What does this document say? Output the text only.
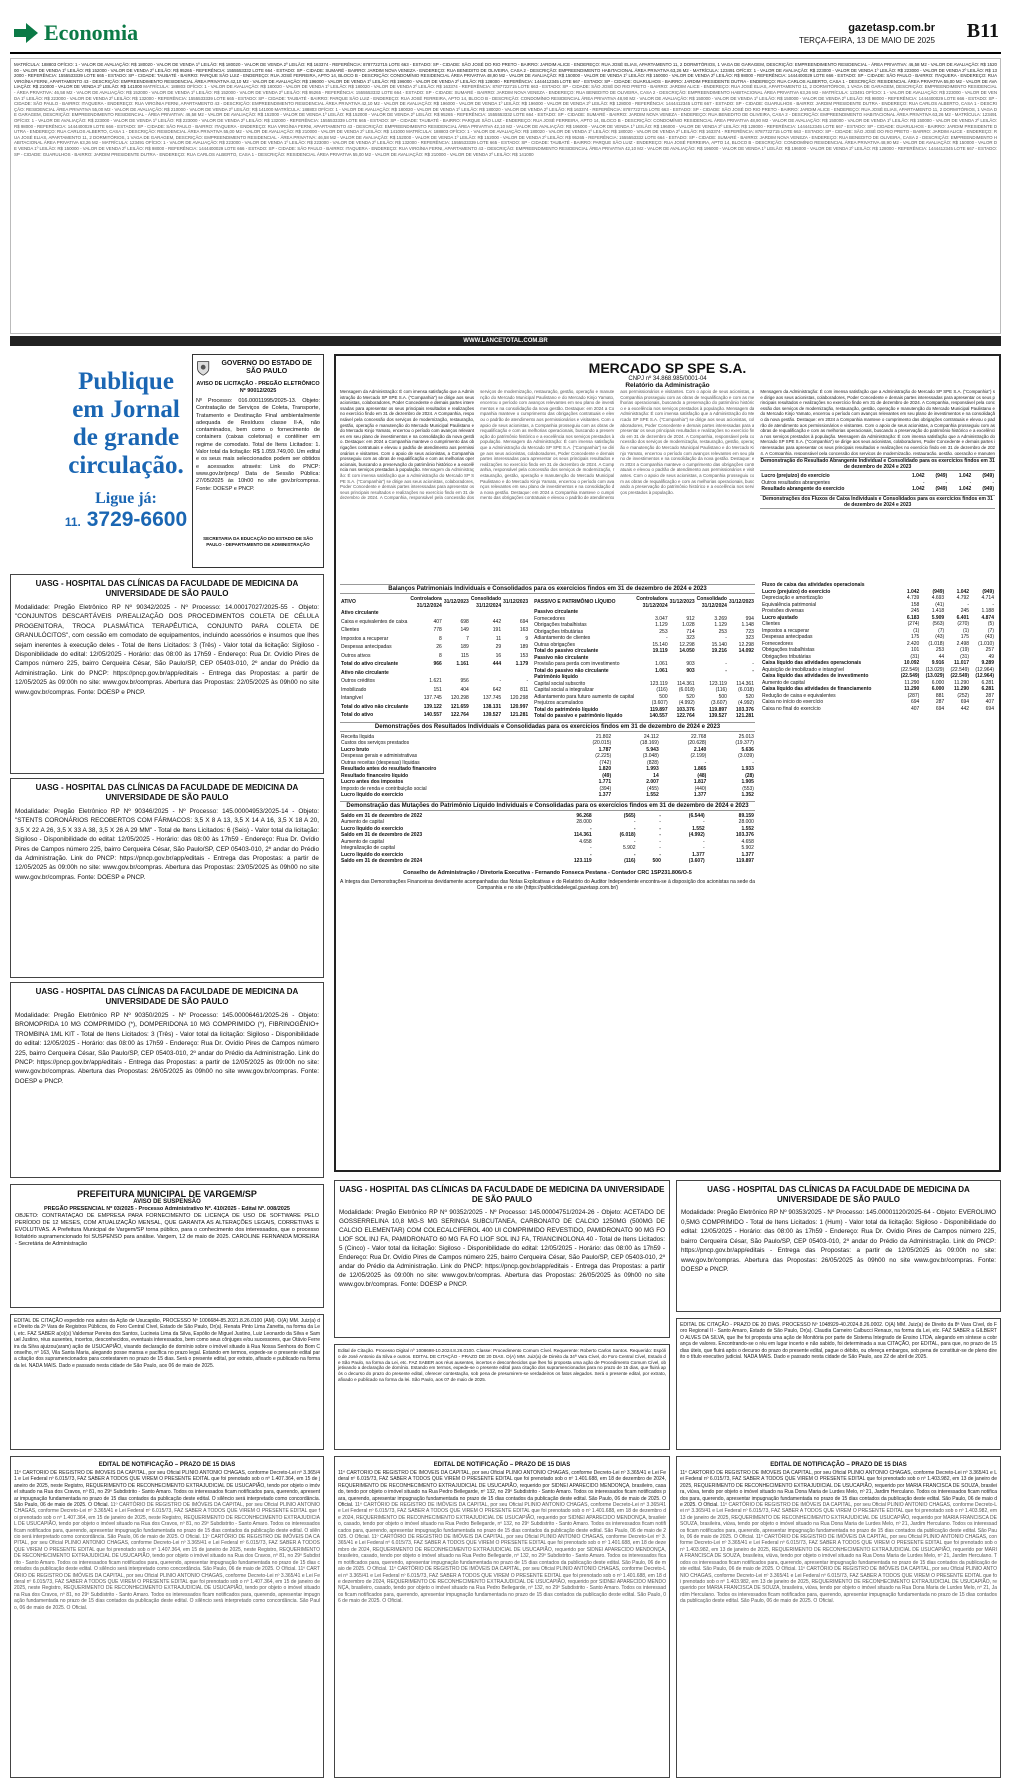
Economia	gazetasp.com.br
TERÇA-FEIRA, 13 DE MAIO DE 2025 B11
MATRÍCULA: 188803 OFÍCIO: 1 - VALOR DE AVALIAÇÃO: R$ 180020 - VALOR DE VENDA 1º LEILÃO: R$ 180020 - VALOR DE VENDA 2º LEILÃO: R$ 163374 - REFERÊNCIA: 8787722715 LOTE 663 - ESTADO: SP - CIDADE: SÃO JOSÉ DO RIO PRETO - BAIRRO: JARDIM ALICE - ENDEREÇO: RUA JOSÉ ELIAS, APARTAMENTO 11, 2 DORMITÓRIOS, 1 VAGA DE GARAGEM, DESCRIÇÃO: EMPREENDIMENTO RESIDENCIAL - ÁREA PRIVATIVA: 46,58 M2 - VALOR DE AVALIAÇÃO: R$ 152000 - VALOR DE VENDA 1º LEILÃO: R$ 152000 - VALOR DE VENDA 2º LEILÃO: R$ 95265 - REFERÊNCIA: 1555553332 LOTE 664 - ESTADO: SP - CIDADE: SUMARÉ - BAIRRO: JARDIM NOVA VENEZA - ENDEREÇO: RUA BENEDITO DE OLIVEIRA, CASA 2 - DESCRIÇÃO: EMPREENDIMENTO HABITACIONAL ÁREA PRIVATIVA 63,26 M2 - MATRÍCULA: 123491 OFÍCIO: 1 - VALOR DE AVALIAÇÃO: R$ 223000 - VALOR DE VENDA 1º LEILÃO: R$ 223000 - VALOR DE VENDA 2º LEILÃO: R$ 132000 - REFERÊNCIA: 1555533339 LOTE 665 - ESTADO: SP - CIDADE: TAUBATÉ - BAIRRO: PARQUE SÃO LUIZ - ENDEREÇO: RUA JOSÉ FERREIRA, APTO 14, BLOCO B - DESCRIÇÃO: CONDOMÍNIO RESIDENCIAL ÁREA PRIVATIVA 48,90 M2 - VALOR DE AVALIAÇÃO: R$ 150000 - VALOR DE VENDA 1º LEILÃO: R$ 150000 - VALOR DE VENDA 2º LEILÃO: R$ 98000 - REFERÊNCIA: 1444400029 LOTE 666 - ESTADO: SP - CIDADE: SÃO PAULO - BAIRRO: ITAQUERA - ENDEREÇO: RUA VIRGÍNIA FERNI, APARTAMENTO 43 - DESCRIÇÃO: EMPREENDIMENTO RESIDENCIAL ÁREA PRIVATIVA 42,10 M2 - VALOR DE AVALIAÇÃO: R$ 196000 - VALOR DE VENDA 1º LEILÃO: R$ 196000 - VALOR DE VENDA 2º LEILÃO: R$ 128000 - REFERÊNCIA: 1444412345 LOTE 667 - ESTADO: SP - CIDADE: GUARULHOS - BAIRRO: JARDIM PRESIDENTE DUTRA - ENDEREÇO: RUA CARLOS ALBERTO, CASA 1 - DESCRIÇÃO: RESIDENCIAL ÁREA PRIVATIVA 55,00 M2 - VALOR DE AVALIAÇÃO: R$ 210000 - VALOR DE VENDA 2º LEILÃO: R$ 141000 MATRÍCULA: 188803 OFÍCIO: 1 - VALOR DE AVALIAÇÃO: R$ 180020 - VALOR DE VENDA 1º LEILÃO: R$ 180020 - VALOR DE VENDA 2º LEILÃO: R$ 163374 - REFERÊNCIA: 8787722715 LOTE 663 - ESTADO: SP - CIDADE: SÃO JOSÉ DO RIO PRETO - BAIRRO: JARDIM ALICE - ENDEREÇO: RUA JOSÉ ELIAS, APARTAMENTO 11, 2 DORMITÓRIOS, 1 VAGA DE GARAGEM, DESCRIÇÃO: EMPREENDIMENTO RESIDENCIAL - ÁREA PRIVATIVA: 46,58 M2 - VALOR DE AVALIAÇÃO: R$ 152000 - VALOR DE VENDA 1º LEILÃO: R$ 152000 - VALOR DE VENDA 2º LEILÃO: R$ 95265 - REFERÊNCIA: 1555553332 LOTE 664 - ESTADO: SP - CIDADE: SUMARÉ - BAIRRO: JARDIM NOVA VENEZA - ENDEREÇO: RUA BENEDITO DE OLIVEIRA, CASA 2 - DESCRIÇÃO: EMPREENDIMENTO HABITACIONAL ÁREA PRIVATIVA 63,26 M2 - MATRÍCULA: 123491 OFÍCIO: 1 - VALOR DE AVALIAÇÃO: R$ 223000 - VALOR DE VENDA 1º LEILÃO: R$ 223000 - VALOR DE VENDA 2º LEILÃO: R$ 132000 - REFERÊNCIA: 1555533339 LOTE 665 - ESTADO: SP - CIDADE: TAUBATÉ - BAIRRO: PARQUE SÃO LUIZ - ENDEREÇO: RUA JOSÉ FERREIRA, APTO 14, BLOCO B - DESCRIÇÃO: CONDOMÍNIO RESIDENCIAL ÁREA PRIVATIVA 48,90 M2 - VALOR DE AVALIAÇÃO: R$ 150000 - VALOR DE VENDA 1º LEILÃO: R$ 150000 - VALOR DE VENDA 2º LEILÃO: R$ 98000 - REFERÊNCIA: 1444400029 LOTE 666 - ESTADO: SP - CIDADE: SÃO PAULO - BAIRRO: ITAQUERA - ENDEREÇO: RUA VIRGÍNIA FERNI, APARTAMENTO 43 - DESCRIÇÃO: EMPREENDIMENTO RESIDENCIAL ÁREA PRIVATIVA 42,10 M2 - VALOR DE AVALIAÇÃO: R$ 196000 - VALOR DE VENDA 1º LEILÃO: R$ 196000 - VALOR DE VENDA 2º LEILÃO: R$ 128000 - REFERÊNCIA: 1444412345 LOTE 667 - ESTADO: SP - CIDADE: GUARULHOS - BAIRRO: JARDIM PRESIDENTE DUTRA - ENDEREÇO: RUA CARLOS ALBERTO, CASA 1 - DESCRIÇÃO: RESIDENCIAL ÁREA PRIVATIVA 55,00 M2 - VALOR DE AVALIAÇÃO: R$ 210000 - VALOR DE VENDA 2º LEILÃO: R$ 141000 MATRÍCULA: 188803 OFÍCIO: 1 - VALOR DE AVALIAÇÃO: R$ 180020 - VALOR DE VENDA 1º LEILÃO: R$ 180020 - VALOR DE VENDA 2º LEILÃO: R$ 163374 - REFERÊNCIA: 8787722715 LOTE 663 - ESTADO: SP - CIDADE: SÃO JOSÉ DO RIO PRETO - BAIRRO: JARDIM ALICE - ENDEREÇO: RUA JOSÉ ELIAS, APARTAMENTO 11, 2 DORMITÓRIOS, 1 VAGA DE GARAGEM, DESCRIÇÃO: EMPREENDIMENTO RESIDENCIAL - ÁREA PRIVATIVA: 46,58 M2 - VALOR DE AVALIAÇÃO: R$ 152000 - VALOR DE VENDA 1º LEILÃO: R$ 152000 - VALOR DE VENDA 2º LEILÃO: R$ 95265 - REFERÊNCIA: 1555553332 LOTE 664 - ESTADO: SP - CIDADE: SUMARÉ - BAIRRO: JARDIM NOVA VENEZA - ENDEREÇO: RUA BENEDITO DE OLIVEIRA, CASA 2 - DESCRIÇÃO: EMPREENDIMENTO HABITACIONAL ÁREA PRIVATIVA 63,26 M2 - MATRÍCULA: 123491 OFÍCIO: 1 - VALOR DE AVALIAÇÃO: R$ 223000 - VALOR DE VENDA 1º LEILÃO: R$ 223000 - VALOR DE VENDA 2º LEILÃO: R$ 132000 - REFERÊNCIA: 1555533339 LOTE 665 - ESTADO: SP - CIDADE: TAUBATÉ - BAIRRO: PARQUE SÃO LUIZ - ENDEREÇO: RUA JOSÉ FERREIRA, APTO 14, BLOCO B - DESCRIÇÃO: CONDOMÍNIO RESIDENCIAL ÁREA PRIVATIVA 48,90 M2 - VALOR DE AVALIAÇÃO: R$ 150000 - VALOR DE VENDA 1º LEILÃO: R$ 150000 - VALOR DE VENDA 2º LEILÃO: R$ 98000 - REFERÊNCIA: 1444400029 LOTE 666 - ESTADO: SP - CIDADE: SÃO PAULO - BAIRRO: ITAQUERA - ENDEREÇO: RUA VIRGÍNIA FERNI, APARTAMENTO 43 - DESCRIÇÃO: EMPREENDIMENTO RESIDENCIAL ÁREA PRIVATIVA 42,10 M2 - VALOR DE AVALIAÇÃO: R$ 196000 - VALOR DE VENDA 1º LEILÃO: R$ 196000 - VALOR DE VENDA 2º LEILÃO: R$ 128000 - REFERÊNCIA: 1444412345 LOTE 667 - ESTADO: SP - CIDADE: GUARULHOS - BAIRRO: JARDIM PRESIDENTE DUTRA - ENDEREÇO: RUA CARLOS ALBERTO, CASA 1 - DESCRIÇÃO: RESIDENCIAL ÁREA PRIVATIVA 55,00 M2 - VALOR DE AVALIAÇÃO: R$ 210000 - VALOR DE VENDA 2º LEILÃO: R$ 141000 MATRÍCULA: 188803 OFÍCIO: 1 - VALOR DE AVALIAÇÃO: R$ 180020 - VALOR DE VENDA 1º LEILÃO: R$ 180020 - VALOR DE VENDA 2º LEILÃO: R$ 163374 - REFERÊNCIA: 8787722715 LOTE 663 - ESTADO: SP - CIDADE: SÃO JOSÉ DO RIO PRETO - BAIRRO: JARDIM ALICE - ENDEREÇO: RUA JOSÉ ELIAS, APARTAMENTO 11, 2 DORMITÓRIOS, 1 VAGA DE GARAGEM, DESCRIÇÃO: EMPREENDIMENTO RESIDENCIAL - ÁREA PRIVATIVA: 46,58 M2 - VALOR DE AVALIAÇÃO: R$ 152000 - VALOR DE VENDA 1º LEILÃO: R$ 152000 - VALOR DE VENDA 2º LEILÃO: R$ 95265 - REFERÊNCIA: 1555553332 LOTE 664 - ESTADO: SP - CIDADE: SUMARÉ - BAIRRO: JARDIM NOVA VENEZA - ENDEREÇO: RUA BENEDITO DE OLIVEIRA, CASA 2 - DESCRIÇÃO: EMPREENDIMENTO HABITACIONAL ÁREA PRIVATIVA 63,26 M2 - MATRÍCULA: 123491 OFÍCIO: 1 - VALOR DE AVALIAÇÃO: R$ 223000 - VALOR DE VENDA 1º LEILÃO: R$ 223000 - VALOR DE VENDA 2º LEILÃO: R$ 132000 - REFERÊNCIA: 1555533339 LOTE 665 - ESTADO: SP - CIDADE: TAUBATÉ - BAIRRO: PARQUE SÃO LUIZ - ENDEREÇO: RUA JOSÉ FERREIRA, APTO 14, BLOCO B - DESCRIÇÃO: CONDOMÍNIO RESIDENCIAL ÁREA PRIVATIVA 48,90 M2 - VALOR DE AVALIAÇÃO: R$ 150000 - VALOR DE VENDA 1º LEILÃO: R$ 150000 - VALOR DE VENDA 2º LEILÃO: R$ 98000 - REFERÊNCIA: 1444400029 LOTE 666 - ESTADO: SP - CIDADE: SÃO PAULO - BAIRRO: ITAQUERA - ENDEREÇO: RUA VIRGÍNIA FERNI, APARTAMENTO 43 - DESCRIÇÃO: EMPREENDIMENTO RESIDENCIAL ÁREA PRIVATIVA 42,10 M2 - VALOR DE AVALIAÇÃO: R$ 196000 - VALOR DE VENDA 1º LEILÃO: R$ 196000 - VALOR DE VENDA 2º LEILÃO: R$ 128000 - REFERÊNCIA: 1444412345 LOTE 667 - ESTADO: SP - CIDADE: GUARULHOS - BAIRRO: JARDIM PRESIDENTE DUTRA - ENDEREÇO: RUA CARLOS ALBERTO, CASA 1 - DESCRIÇÃO: RESIDENCIAL ÁREA PRIVATIVA 55,00 M2 - VALOR DE AVALIAÇÃO: R$ 210000 - VALOR DE VENDA 2º LEILÃO: R$ 141000
WWW.LANCETOTAL.COM.BR
Publique
em Jornal
de grande
circulação.
Ligue já:
11. 3729-6600
GOVERNO DO ESTADO DE SÃO PAULO
AVISO DE LICITAÇÃO - PREGÃO ELETRÔNICO Nº 90012/2025
Nº Processo: 016.00011995/2025-13. Objeto: Contratação de Serviços de Coleta, Transporte, Tratamento e Destinação Final ambientalmente adequada de Resíduos classe II-A, não contaminados, bem como o fornecimento de containers (caixas coletoras) e contêiner em regime de comodato. Total de Itens Licitados: 1. Valor total da licitação: R$ 1.059.749,00. Um edital e os seus mais seleccionados podem ser obtidos e acessados através: Link do PNCP: www.gov.br/pncp/ Data de Sessão Pública: 27/05/2025 às 10h00 no site gov.br/compras. Fonte: DOESP e PNCP.
SECRETARIA DA EDUCAÇÃO DO ESTADO DE SÃO PAULO - DEPARTAMENTO DE ADMINISTRAÇÃO
UASG - HOSPITAL DAS CLÍNICAS DA FACULDADE DE MEDICINA DA UNIVERSIDADE DE SÃO PAULO
Modalidade: Pregão Eletrônico RP Nº 90342/2025 - Nº Processo: 14.00017027/2025-55 - Objeto: "CONJUNTOS DESCARTÁVEIS P/REALIZAÇÃO DOS PROCEDIMENTOS COLETA DE CÉLULA PROGENITORA, TROCA PLASMÁTICA TERAPÊUTICA, CONJUNTO PARA COLETA DE GRANULÓCITOS", com cessão em comodato de equipamentos, incluindo acessórios e insumos que lhes sejam inerentes à execução deles - Total de Itens Licitados: 3 (Três) - Valor total da licitação: Sigiloso - Disponibilidade do edital: 12/05/2025 - Horário: das 08:00 às 17h59 - Endereço: Rua Dr. Ovídio Pires de Campos número 225, bairro Cerqueira César, São Paulo/SP, CEP 05403-010, 2º andar do Prédio da Administração. Link do PNCP: https://pncp.gov.br/app/editais - Entrega das Propostas: a partir de 12/05/2025 às 09:00h no site: www.gov.br/compras. Abertura das Propostas: 22/05/2025 às 09h00 no site www.gov.br/compras. Fonte: DOESP e PNCP.
UASG - HOSPITAL DAS CLÍNICAS DA FACULDADE DE MEDICINA DA UNIVERSIDADE DE SÃO PAULO
Modalidade: Pregão Eletrônico RP Nº 90346/2025 - Nº Processo: 145.00004953/2025-14 - Objeto: "STENTS CORONÁRIOS RECOBERTOS COM FÁRMACOS: 3,5 X 8 A 13, 3,5 X 14 A 16, 3,5 X 18 A 20, 3,5 X 22 A 26, 3,5 X 33 A 38, 3,5 X 26 A 29 MM" - Total de Itens Licitados: 6 (Seis) - Valor total da licitação: Sigiloso - Disponibilidade do edital: 12/05/2025 - Horário: das 08:00 às 17h59 - Endereço: Rua Dr. Ovídio Pires de Campos número 225, bairro Cerqueira César, São Paulo/SP, CEP 05403-010, 2º andar do Prédio da Administração. Link do PNCP: https://pncp.gov.br/app/editais - Entrega das Propostas: a partir de 12/05/2025 às 09:00h no site: www.gov.br/compras. Abertura das Propostas: 23/05/2025 às 09h00 no site www.gov.br/compras. Fonte: DOESP e PNCP.
UASG - HOSPITAL DAS CLÍNICAS DA FACULDADE DE MEDICINA DA UNIVERSIDADE DE SÃO PAULO
Modalidade: Pregão Eletrônico RP Nº 90350/2025 - Nº Processo: 145.00006461/2025-26 - Objeto: BROMOPRIDA 10 MG COMPRIMIDO (*), DOMPERIDONA 10 MG COMPRIMIDO (*), FIBRINOGÊNIO+ TROMBINA 1ML KIT - Total de Itens Licitados: 3 (Três) - Valor total da licitação: Sigiloso - Disponibilidade do edital: 12/05/2025 - Horário: das 08:00 às 17h59 - Endereço: Rua Dr. Ovídio Pires de Campos número 225, bairro Cerqueira César, São Paulo/SP, CEP 05403-010, 2º andar do Prédio da Administração. Link do PNCP: https://pncp.gov.br/app/editais - Entrega das Propostas: a partir de 12/05/2025 às 09:00h no site: www.gov.br/compras. Abertura das Propostas: 26/05/2025 às 09h00 no site www.gov.br/compras. Fonte: DOESP e PNCP.
PREFEITURA MUNICIPAL DE VARGEM/SP
AVISO DE SUSPENSÃO
PREGÃO PRESENCIAL Nº 03/2025 - Processo Administrativo Nº. 410/2025 - Edital Nº. 008/2025
OBJETO: CONTRATAÇÃO DE EMPRESA PARA FORNECIMENTO DE LICENÇA DE USO DE SOFTWARE PELO PERÍODO DE 12 MESES, COM ATUALIZAÇÃO MENSAL, QUE GARANTA AS ALTERAÇÕES LEGAIS, CORRETIVAS E EVOLUTIVAS. A Prefeitura Municipal de Vargem/SP torna público, para o conhecimento dos interessados, que o processo licitatório supramencionado foi SUSPENSO para análise. Vargem, 12 de maio de 2025. CAROLINE FERNANDA MOREIRA - Secretária de Administração
MERCADO SP SPE S.A.
CNPJ nº 34.868.985/0001-04
Relatório da Administração
Mensagem da Administração: É com imensa satisfação que a Administração do Mercado SP SPE S.A. ("Companhia") se dirige aos seus acionistas, colaboradores, Poder Concedente e demais partes interessadas para apresentar os seus principais resultados e realizações no exercício findo em 31 de dezembro de 2024. A Companhia, responsável pela concessão dos serviços de modernização, restauração, gestão, operação e manutenção do Mercado Municipal Paulistano e do Mercado Kinjo Yamato, encerrou o período com avanços relevantes em seu plano de investimentos e na consolidação da nova gestão. Destaque: em 2024 a Companhia manteve o cumprimento das obrigações contratuais e elevou o padrão de atendimento aos permissionários e visitantes. Com o apoio de seus acionistas, a Companhia prosseguiu com as obras de requalificação e com as melhorias operacionais, buscando a preservação do patrimônio histórico e a excelência nos serviços prestados à população. Mensagem da Administração: É com imensa satisfação que a Administração do Mercado SP SPE S.A. ("Companhia") se dirige aos seus acionistas, colaboradores, Poder Concedente e demais partes interessadas para apresentar os seus principais resultados e realizações no exercício findo em 31 de dezembro de 2024. A Companhia, responsável pela concessão dos serviços de modernização, restauração, gestão, operação e manutenção do Mercado Municipal Paulistano e do Mercado Kinjo Yamato, encerrou o período com avanços relevantes em seu plano de investimentos e na consolidação da nova gestão. Destaque: em 2024 a Companhia manteve o cumprimento das obrigações contratuais e elevou o padrão de atendimento aos permissionários e visitantes. Com o apoio de seus acionistas, a Companhia prosseguiu com as obras de requalificação e com as melhorias operacionais, buscando a preservação do patrimônio histórico e a excelência nos serviços prestados à população. Mensagem da Administração: É com imensa satisfação que a Administração do Mercado SP SPE S.A. ("Companhia") se dirige aos seus acionistas, colaboradores, Poder Concedente e demais partes interessadas para apresentar os seus principais resultados e realizações no exercício findo em 31 de dezembro de 2024. A Companhia, responsável pela concessão dos serviços de modernização, restauração, gestão, operação e manutenção do Mercado Municipal Paulistano e do Mercado Kinjo Yamato, encerrou o período com avanços relevantes em seu plano de investimentos e na consolidação da nova gestão. Destaque: em 2024 a Companhia manteve o cumprimento das obrigações contratuais e elevou o padrão de atendimento aos permissionários e visitantes. Com o apoio de seus acionistas, a Companhia prosseguiu com as obras de requalificação e com as melhorias operacionais, buscando a preservação do patrimônio histórico e a excelência nos serviços prestados à população. Mensagem da Administração: É com imensa satisfação que a Administração do Mercado SP SPE S.A. ("Companhia") se dirige aos seus acionistas, colaboradores, Poder Concedente e demais partes interessadas para apresentar os seus principais resultados e realizações no exercício findo em 31 de dezembro de 2024. A Companhia, responsável pela concessão dos serviços de modernização, restauração, gestão, operação e manutenção do Mercado Municipal Paulistano e do Mercado Kinjo Yamato, encerrou o período com avanços relevantes em seu plano de investimentos e na consolidação da nova gestão. Destaque: em 2024 a Companhia manteve o cumprimento das obrigações contratuais e elevou o padrão de atendimento aos permissionários e visitantes. Com o apoio de seus acionistas, a Companhia prosseguiu com as obras de requalificação e com as melhorias operacionais, buscando a preservação do patrimônio histórico e a excelência nos serviços prestados à população.
Mensagem da Administração: É com imensa satisfação que a Administração do Mercado SP SPE S.A. ("Companhia") se dirige aos seus acionistas, colaboradores, Poder Concedente e demais partes interessadas para apresentar os seus principais resultados e realizações no exercício findo em 31 de dezembro de 2024. A Companhia, responsável pela concessão dos serviços de modernização, restauração, gestão, operação e manutenção do Mercado Municipal Paulistano e do Mercado Kinjo Yamato, encerrou o período com avanços relevantes em seu plano de investimentos e na consolidação da nova gestão. Destaque: em 2024 a Companhia manteve o cumprimento das obrigações contratuais e elevou o padrão de atendimento aos permissionários e visitantes. Com o apoio de seus acionistas, a Companhia prosseguiu com as obras de requalificação e com as melhorias operacionais, buscando a preservação do patrimônio histórico e a excelência nos serviços prestados à população. Mensagem da Administração: É com imensa satisfação que a Administração do Mercado SP SPE S.A. ("Companhia") se dirige aos seus acionistas, colaboradores, Poder Concedente e demais partes interessadas para apresentar os seus principais resultados e realizações no exercício findo em 31 de dezembro de 2024. A Companhia, responsável pela concessão dos serviços de modernização, restauração, gestão, operação e manuten
Demonstração do Resultado Abrangente Individual e Consolidado para os exercícios findos em 31 de dezembro de 2024 e 2023
Lucro (prejuízo) do exercício	1.042	(949)	1.042	(949)
Outros resultados abrangentes	-	-	-	-
Resultado abrangente do exercício	1.042	(949)	1.042	(949)
Demonstrações dos Fluxos de Caixa Individuais e Consolidados para os exercícios findos em 31 de dezembro de 2024 e 2023
Balanços Patrimoniais Individuais e Consolidados para os exercícios findos em 31 de dezembro de 2024 e 2023
ATIVO	Controladora 31/12/2024	31/12/2023	Consolidado 31/12/2024	31/12/2023
Ativo circulante				
Caixa e equivalentes de caixa	407	698	442	694
Clientes	778	149	191	163
Impostos a recuperar	8	7	11	9
Despesas antecipadas	26	189	29	189
Outros ativos	8	115	16	153
Total do ativo circulante	966	1.161	444	1.179
Ativo não circulante				
Outros créditos	1.621	956	-	-
Imobilizado	151	404	642	811
Intangível	137.745	120.298	137.745	120.298
Total do ativo não circulante	139.122	121.659	138.131	120.997
Total do ativo	140.557	122.764	139.527	121.281
PASSIVO E PATRIMÔNIO LÍQUIDO	Controladora 31/12/2024	31/12/2023	Consolidado 31/12/2024	31/12/2023
Passivo circulante				
Fornecedores	3.047	912	3.269	994
Obrigações trabalhistas	1.129	1.028	1.129	1.148
Obrigações tributárias	253	714	253	723
Adiantamento de clientes	-	323	-	323
Outras obrigações	15.140	12.298	15.140	12.298
Total do passivo circulante	19.119	14.050	19.216	14.092
Passivo não circulante				
Provisão para perda com investimento	1.061	903	-	-
Total do passivo não circulante	1.061	903	-	-
Patrimônio líquido				
Capital social subscrito	123.119	114.361	123.119	114.361
Capital social a integralizar	(116)	(6.018)	(116)	(6.018)
Adiantamento para futuro aumento de capital	500	520	500	520
Prejuízos acumulados	(3.607)	(4.992)	(3.607)	(4.992)
Total do patrimônio líquido	119.897	103.376	119.897	103.376
Total do passivo e patrimônio líquido	140.557	122.764	139.527	121.281
Demonstrações dos Resultados Individuais e Consolidadas para os exercícios findos em 31 de dezembro de 2024 e 2023
Receita líquida	21.802	24.112	22.768	25.013
Custos dos serviços prestados	(20.015)	(18.169)	(20.628)	(19.377)
Lucro bruto	1.787	5.943	2.140	5.636
Despesas gerais e administrativas	(2.225)	(3.048)	(2.199)	(3.039)
Outras receitas (despesas) líquidas	(742)	(828)	-	-
Resultado antes do resultado financeiro	1.820	1.993	1.865	1.933
Resultado financeiro líquido	(49)	14	(48)	(28)
Lucro antes dos impostos	1.771	2.007	1.817	1.905
Imposto de renda e contribuição social	(394)	(455)	(440)	(553)
Lucro líquido do exercício	1.377	1.552	1.377	1.352
Demonstração das Mutações do Patrimônio Líquido Individuais e Consolidadas para os exercícios findos em 31 de dezembro de 2024 e 2023
Saldo em 31 de dezembro de 2022	96.268	(565)	-	(6.544)	89.159
Aumento de capital	28.000	-	-	-	28.000
Lucro líquido do exercício	-	-	-	1.552	1.552
Saldo em 31 de dezembro de 2023	114.361	(6.018)	-	(4.992)	103.376
Aumento de capital	4.658	-	-	-	4.658
Integralização de capital	-	5.902	-	-	5.902
Lucro líquido do exercício	-	-	-	1.377	1.377
Saldo em 31 de dezembro de 2024	123.119	(116)	500	(3.607)	119.897
Conselho de Administração / Diretoria Executiva - Fernando Fonseca Pestana - Contador CRC 1SP231.806/O-5
A íntegra das Demonstrações Financeiras devidamente acompanhadas das Notas Explicativas e do Relatório do Auditor Independente encontra-se à disposição dos acionistas na sede da Companhia e no site (https://publicidadelegal.gazetasp.com.br/)
Fluxo de caixa das atividades operacionais				
Lucro (prejuízo) do exercício	1.042	(949)	1.042	(949)
Depreciação e amortização	4.739	4.693	4.792	4.714
Equivalência patrimonial	158	(41)	-	-
Provisões diversas	245	1.418	245	1.188
Lucro ajustado	6.183	5.909	6.401	4.874
Clientes	(274)	(563)	(270)	(5)
Impostos a recuperar	(1)	(7)	(1)	(7)
Despesas antecipadas	175	(43)	175	(43)
Fornecedores	2.420	(1.018)	2.498	(1.010)
Obrigações trabalhistas	101	253	(19)	257
Obrigações tributárias	(31)	44	(31)	49
Caixa líquido das atividades operacionais	10.092	9.916	11.017	9.289
Aquisição de imobilizado e intangível	(22.549)	(13.029)	(22.549)	(12.964)
Caixa líquido das atividades de investimento	(22.549)	(13.029)	(22.549)	(12.964)
Aumento de capital	11.290	6.000	11.290	6.281
Caixa líquido das atividades de financiamento	11.290	6.000	11.290	6.281
Redução de caixa e equivalentes	(287)	881	(252)	287
Caixa no início do exercício	694	287	694	407
Caixa no final do exercício	407	694	442	694
UASG - HOSPITAL DAS CLÍNICAS DA FACULDADE DE MEDICINA DA UNIVERSIDADE DE SÃO PAULO
Modalidade: Pregão Eletrônico RP Nº 90352/2025 - Nº Processo: 145.00004751/2024-26 - Objeto: ACETADO DE GOSSERRELINA 10,8 MG-S MG SERINGA SUBCUTANEA, CARBONATO DE CALCIO 1250MG (500MG DE CALCIO ELEMENTAR) COM COLECALCIFEROL 400 UI COMPRIMIDO REVESTIDO, PAMIDRONATO 90 MG FO LIOF SOL INJ FA, PAMIDRONATO 60 MG FA FO LIOF SOL INJ FA, TRIANCINOLONA 40 - Total de Itens Licitados: 5 (Cinco) - Valor total da licitação: Sigiloso - Disponibilidade do edital: 12/05/2025 - Horário: das 08:00 às 17h59 - Endereço: Rua Dr. Ovídio Pires de Campos número 225, bairro Cerqueira César, São Paulo/SP, CEP 05403-010, 2º andar do Prédio da Administração. Link do PNCP: https://pncp.gov.br/app/editais - Entrega das Propostas: a partir de 12/05/2025 às 09:00h no site: www.gov.br/compras. Abertura das Propostas: 26/05/2025 às 09h00 no site www.gov.br/compras. Fonte: DOESP e PNCP.
UASG - HOSPITAL DAS CLÍNICAS DA FACULDADE DE MEDICINA DA UNIVERSIDADE DE SÃO PAULO
Modalidade: Pregão Eletrônico RP Nº 90353/2025 - Nº Processo: 145.00001120/2025-64 - Objeto: EVEROLIMO 0,5MG COMPRIMIDO - Total de Itens Licitados: 1 (Hum) - Valor total da licitação: Sigiloso - Disponibilidade do edital: 12/05/2025 - Horário: das 08:00 às 17h59 - Endereço: Rua Dr. Ovídio Pires de Campos número 225, bairro Cerqueira César, São Paulo/SP, CEP 05403-010, 2º andar do Prédio da Administração. Link do PNCP: https://pncp.gov.br/app/editais - Entrega das Propostas: a partir de 12/05/2025 às 09:00h no site: www.gov.br/compras. Abertura das Propostas: 26/05/2025 às 09h00 no site www.gov.br/compras. Fonte: DOESP e PNCP.
EDITAL DE CITAÇÃO expedido nos autos da Ação de Usucapião, PROCESSO Nº 1006684-85.2021.8.26.0100 (AM). O(A) MM. Juiz(a) de Direito da 2ª Vara de Registros Públicos, do Foro Central Cível, Estado de São Paulo, Dr(a). Renata Pinto Lima Zanetta, na forma da Lei, etc. FAZ SABER a(o)(s) Valdemar Pereira dos Santos, Lucineia Lima da Silva, Espólio de Miguel Justino, Luiz Leonardo da Silva e Samuel Justino, réus ausentes, incertos, desconhecidos, eventuais interessados, bem como seus cônjuges e/ou sucessores, que Otávio Ferreira da Silva ajuizou(aram) ação de USUCAPIÃO, visando declaração de domínio sobre o imóvel situado à Rua Nossa Senhora do Bom Conselho, nº 163, Vila Santa Maria, alegando posse mansa e pacífica no prazo legal. Estando em termos, expede-se o presente edital para citação dos supramencionados para contestarem no prazo de 15 dias. Será o presente edital, por extrato, afixado e publicado na forma da lei. NADA MAIS. Dado e passado nesta cidade de São Paulo, aos 06 de maio de 2025.
Edital de Citação. Processo Digital nº 1008698-10.2024.8.26.0100. Classe: Procedimento Comum Cível. Requerente: Roberto Carlos Santos. Requerido: Espólio de José Antonio da Silva e outros. EDITAL DE CITAÇÃO - PRAZO DE 20 DIAS. O(A) MM. Juiz(a) de Direito da 34ª Vara Cível, do Foro Central Cível, Estado de São Paulo, na forma da Lei, etc. FAZ SABER aos réus ausentes, incertos e desconhecidos que lhes foi proposta uma ação de Procedimento Comum Cível, objetivando a declaração de domínio. Estando em termos, expede-se o presente edital para citação dos supramencionados para no prazo de 15 dias, que fluirá após o decurso do prazo do presente edital, oferecer contestação, sob pena de presumirem-se verdadeiros os fatos alegados. Será o presente edital, por extrato, afixado e publicado na forma da lei. São Paulo, aos 07 de maio de 2025.
EDITAL DE CITAÇÃO - PRAZO DE 20 DIAS. PROCESSO Nº 1048929-40.2024.8.26.0002. O(A) MM. Juiz(a) de Direito da 8ª Vara Cível, do Foro Regional II - Santo Amaro, Estado de São Paulo, Dr(a). Claudia Carneiro Calbucci Renaux, na forma da Lei, etc. FAZ SABER a GILBERTO ALVES DA SILVA, que lhe foi proposta uma ação de Monitória por parte de Sistema Integrado de Ensino LTDA, alegando em síntese a cobrança de valores. Encontrando-se o réu em lugar incerto e não sabido, foi determinada a sua CITAÇÃO, por EDITAL, para que, no prazo de 15 dias úteis, que fluirá após o decurso do prazo do presente edital, pague o débito, ou ofereça embargos, sob pena de constituir-se de pleno direito o título executivo judicial. NADA MAIS. Dado e passado nesta cidade de São Paulo, aos 22 de abril de 2025.
EDITAL DE NOTIFICAÇÃO – PRAZO DE 15 DIAS
11º CARTÓRIO DE REGISTRO DE IMÓVEIS DA CAPITAL, por seu Oficial PLINIO ANTONIO CHAGAS, conforme Decreto-Lei nº 3.365/41 e Lei Federal nº 6.015/73, FAZ SABER A TODOS QUE VIREM O PRESENTE EDITAL que foi prenotado sob o nº 1.407.364, em 15 de janeiro de 2025, neste Registro, REQUERIMENTO DE RECONHECIMENTO EXTRAJUDICIAL DE USUCAPIÃO, tendo por objeto o imóvel situado na Rua dos Cravos, nº 81, no 29º Subdistrito - Santo Amaro. Todos os interessados ficam notificados para, querendo, apresentar impugnação fundamentada no prazo de 15 dias contados da publicação deste edital. O silêncio será interpretado como concordância. São Paulo, 06 de maio de 2025. O Oficial. 11º CARTÓRIO DE REGISTRO DE IMÓVEIS DA CAPITAL, por seu Oficial PLINIO ANTONIO CHAGAS, conforme Decreto-Lei nº 3.365/41 e Lei Federal nº 6.015/73, FAZ SABER A TODOS QUE VIREM O PRESENTE EDITAL que foi prenotado sob o nº 1.407.364, em 15 de janeiro de 2025, neste Registro, REQUERIMENTO DE RECONHECIMENTO EXTRAJUDICIAL DE USUCAPIÃO, tendo por objeto o imóvel situado na Rua dos Cravos, nº 81, no 29º Subdistrito - Santo Amaro. Todos os interessados ficam notificados para, querendo, apresentar impugnação fundamentada no prazo de 15 dias contados da publicação deste edital. O silêncio será interpretado como concordância. São Paulo, 06 de maio de 2025. O Oficial. 11º CARTÓRIO DE REGISTRO DE IMÓVEIS DA CAPITAL, por seu Oficial PLINIO ANTONIO CHAGAS, conforme Decreto-Lei nº 3.365/41 e Lei Federal nº 6.015/73, FAZ SABER A TODOS QUE VIREM O PRESENTE EDITAL que foi prenotado sob o nº 1.407.364, em 15 de janeiro de 2025, neste Registro, REQUERIMENTO DE RECONHECIMENTO EXTRAJUDICIAL DE USUCAPIÃO, tendo por objeto o imóvel situado na Rua dos Cravos, nº 81, no 29º Subdistrito - Santo Amaro. Todos os interessados ficam notificados para, querendo, apresentar impugnação fundamentada no prazo de 15 dias contados da publicação deste edital. O silêncio será interpretado como concordância. São Paulo, 06 de maio de 2025. O Oficial. 11º CARTÓRIO DE REGISTRO DE IMÓVEIS DA CAPITAL, por seu Oficial PLINIO ANTONIO CHAGAS, conforme Decreto-Lei nº 3.365/41 e Lei Federal nº 6.015/73, FAZ SABER A TODOS QUE VIREM O PRESENTE EDITAL que foi prenotado sob o nº 1.407.364, em 15 de janeiro de 2025, neste Registro, REQUERIMENTO DE RECONHECIMENTO EXTRAJUDICIAL DE USUCAPIÃO, tendo por objeto o imóvel situado na Rua dos Cravos, nº 81, no 29º Subdistrito - Santo Amaro. Todos os interessados ficam notificados para, querendo, apresentar impugnação fundamentada no prazo de 15 dias contados da publicação deste edital. O silêncio será interpretado como concordância. São Paulo, 06 de maio de 2025. O Oficial.
EDITAL DE NOTIFICAÇÃO – PRAZO DE 15 DIAS
11º CARTÓRIO DE REGISTRO DE IMÓVEIS DA CAPITAL, por seu Oficial PLINIO ANTONIO CHAGAS, conforme Decreto-Lei nº 3.365/41 e Lei Federal nº 6.015/73, FAZ SABER A TODOS QUE VIREM O PRESENTE EDITAL que foi prenotado sob o nº 1.401.688, em 18 de dezembro de 2024, REQUERIMENTO DE RECONHECIMENTO EXTRAJUDICIAL DE USUCAPIÃO, requerido por SIDNEI APARECIDO MENDONÇA, brasileiro, casado, tendo por objeto o imóvel situado na Rua Pedro Bellegarde, nº 132, no 29º Subdistrito - Santo Amaro. Todos os interessados ficam notificados para, querendo, apresentar impugnação fundamentada no prazo de 15 dias contados da publicação deste edital. São Paulo, 06 de maio de 2025. O Oficial. 11º CARTÓRIO DE REGISTRO DE IMÓVEIS DA CAPITAL, por seu Oficial PLINIO ANTONIO CHAGAS, conforme Decreto-Lei nº 3.365/41 e Lei Federal nº 6.015/73, FAZ SABER A TODOS QUE VIREM O PRESENTE EDITAL que foi prenotado sob o nº 1.401.688, em 18 de dezembro de 2024, REQUERIMENTO DE RECONHECIMENTO EXTRAJUDICIAL DE USUCAPIÃO, requerido por SIDNEI APARECIDO MENDONÇA, brasileiro, casado, tendo por objeto o imóvel situado na Rua Pedro Bellegarde, nº 132, no 29º Subdistrito - Santo Amaro. Todos os interessados ficam notificados para, querendo, apresentar impugnação fundamentada no prazo de 15 dias contados da publicação deste edital. São Paulo, 06 de maio de 2025. O Oficial. 11º CARTÓRIO DE REGISTRO DE IMÓVEIS DA CAPITAL, por seu Oficial PLINIO ANTONIO CHAGAS, conforme Decreto-Lei nº 3.365/41 e Lei Federal nº 6.015/73, FAZ SABER A TODOS QUE VIREM O PRESENTE EDITAL que foi prenotado sob o nº 1.401.688, em 18 de dezembro de 2024, REQUERIMENTO DE RECONHECIMENTO EXTRAJUDICIAL DE USUCAPIÃO, requerido por SIDNEI APARECIDO MENDONÇA, brasileiro, casado, tendo por objeto o imóvel situado na Rua Pedro Bellegarde, nº 132, no 29º Subdistrito - Santo Amaro. Todos os interessados ficam notificados para, querendo, apresentar impugnação fundamentada no prazo de 15 dias contados da publicação deste edital. São Paulo, 06 de maio de 2025. O Oficial. 11º CARTÓRIO DE REGISTRO DE IMÓVEIS DA CAPITAL, por seu Oficial PLINIO ANTONIO CHAGAS, conforme Decreto-Lei nº 3.365/41 e Lei Federal nº 6.015/73, FAZ SABER A TODOS QUE VIREM O PRESENTE EDITAL que foi prenotado sob o nº 1.401.688, em 18 de dezembro de 2024, REQUERIMENTO DE RECONHECIMENTO EXTRAJUDICIAL DE USUCAPIÃO, requerido por SIDNEI APARECIDO MENDONÇA, brasileiro, casado, tendo por objeto o imóvel situado na Rua Pedro Bellegarde, nº 132, no 29º Subdistrito - Santo Amaro. Todos os interessados ficam notificados para, querendo, apresentar impugnação fundamentada no prazo de 15 dias contados da publicação deste edital. São Paulo, 06 de maio de 2025. O Oficial.
EDITAL DE NOTIFICAÇÃO – PRAZO DE 15 DIAS
11º CARTÓRIO DE REGISTRO DE IMÓVEIS DA CAPITAL, por seu Oficial PLINIO ANTONIO CHAGAS, conforme Decreto-Lei nº 3.365/41 e Lei Federal nº 6.015/73, FAZ SABER A TODOS QUE VIREM O PRESENTE EDITAL que foi prenotado sob o nº 1.403.982, em 13 de janeiro de 2025, REQUERIMENTO DE RECONHECIMENTO EXTRAJUDICIAL DE USUCAPIÃO, requerido por MARIA FRANCISCA DE SOUZA, brasileira, viúva, tendo por objeto o imóvel situado na Rua Dona Maria de Lurdes Melo, nº 21, Jardim Herculano. Todos os interessados ficam notificados para, querendo, apresentar impugnação fundamentada no prazo de 15 dias contados da publicação deste edital. São Paulo, 06 de maio de 2025. O Oficial. 11º CARTÓRIO DE REGISTRO DE IMÓVEIS DA CAPITAL, por seu Oficial PLINIO ANTONIO CHAGAS, conforme Decreto-Lei nº 3.365/41 e Lei Federal nº 6.015/73, FAZ SABER A TODOS QUE VIREM O PRESENTE EDITAL que foi prenotado sob o nº 1.403.982, em 13 de janeiro de 2025, REQUERIMENTO DE RECONHECIMENTO EXTRAJUDICIAL DE USUCAPIÃO, requerido por MARIA FRANCISCA DE SOUZA, brasileira, viúva, tendo por objeto o imóvel situado na Rua Dona Maria de Lurdes Melo, nº 21, Jardim Herculano. Todos os interessados ficam notificados para, querendo, apresentar impugnação fundamentada no prazo de 15 dias contados da publicação deste edital. São Paulo, 06 de maio de 2025. O Oficial. 11º CARTÓRIO DE REGISTRO DE IMÓVEIS DA CAPITAL, por seu Oficial PLINIO ANTONIO CHAGAS, conforme Decreto-Lei nº 3.365/41 e Lei Federal nº 6.015/73, FAZ SABER A TODOS QUE VIREM O PRESENTE EDITAL que foi prenotado sob o nº 1.403.982, em 13 de janeiro de 2025, REQUERIMENTO DE RECONHECIMENTO EXTRAJUDICIAL DE USUCAPIÃO, requerido por MARIA FRANCISCA DE SOUZA, brasileira, viúva, tendo por objeto o imóvel situado na Rua Dona Maria de Lurdes Melo, nº 21, Jardim Herculano. Todos os interessados ficam notificados para, querendo, apresentar impugnação fundamentada no prazo de 15 dias contados da publicação deste edital. São Paulo, 06 de maio de 2025. O Oficial. 11º CARTÓRIO DE REGISTRO DE IMÓVEIS DA CAPITAL, por seu Oficial PLINIO ANTONIO CHAGAS, conforme Decreto-Lei nº 3.365/41 e Lei Federal nº 6.015/73, FAZ SABER A TODOS QUE VIREM O PRESENTE EDITAL que foi prenotado sob o nº 1.403.982, em 13 de janeiro de 2025, REQUERIMENTO DE RECONHECIMENTO EXTRAJUDICIAL DE USUCAPIÃO, requerido por MARIA FRANCISCA DE SOUZA, brasileira, viúva, tendo por objeto o imóvel situado na Rua Dona Maria de Lurdes Melo, nº 21, Jardim Herculano. Todos os interessados ficam notificados para, querendo, apresentar impugnação fundamentada no prazo de 15 dias contados da publicação deste edital. São Paulo, 06 de maio de 2025. O Oficial.
